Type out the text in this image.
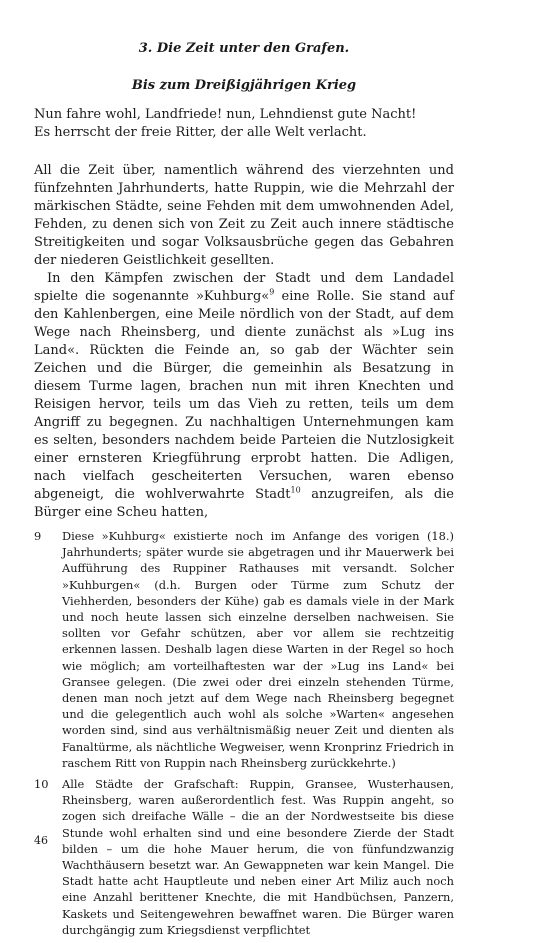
3. Die Zeit unter den Grafen.
Bis zum Dreißigjährigen Krieg
Nun fahre wohl, Landfriede! nun, Lehndienst gute Nacht!
Es herrscht der freie Ritter, der alle Welt verlacht.

All die Zeit über, namentlich während des vierzehnten und fünfzehnten Jahrhunderts, hatte Ruppin, wie die Mehrzahl der märkischen Städte, seine Fehden mit dem umwohnenden Adel, Fehden, zu denen sich von Zeit zu Zeit auch innere städtische Streitigkeiten und sogar Volksausbrüche gegen das Gebahren der niederen Geistlichkeit gesellten.

In den Kämpfen zwischen der Stadt und dem Landadel spielte die sogenannte »Kuhburg«$^9$ eine Rolle. Sie stand auf den Kahlenbergen, eine Meile nördlich von der Stadt, auf dem Wege nach Rheinsberg, und diente zunächst als »Lug ins Land«. Rückten die Feinde an, so gab der Wächter sein Zeichen und die Bürger, die gemeinhin als Besatzung in diesem Turme lagen, brachen nun mit ihren Knechten und Reisigen hervor, teils um das Vieh zu retten, teils um dem Angriff zu begegnen. Zu nachhaltigen Unternehmungen kam es selten, besonders nachdem beide Parteien die Nutzlosigkeit einer ernsteren Kriegführung erprobt hatten. Die Adligen, nach vielfach gescheiterten Versuchen, waren ebenso abgeneigt, die wohlverwahrte Stadt$^{10}$ anzugreifen, als die Bürger eine Scheu hatten,

9	Diese »Kuhburg« existierte noch im Anfange des vorigen (18.) Jahrhunderts; später wurde sie abgetragen und ihr Mauerwerk bei Aufführung des Ruppiner Rathauses mit versandt. Solcher »Kuhburgen« (d.h. Burgen oder Türme zum Schutz der Viehherden, besonders der Kühe) gab es damals viele in der Mark und noch heute lassen sich einzelne derselben nachweisen. Sie sollten vor Gefahr schützen, aber vor allem sie rechtzeitig erkennen lassen. Deshalb lagen diese Warten in der Regel so hoch wie möglich; am vorteilhaftesten war der »Lug ins Land« bei Gransee gelegen. (Die zwei oder drei einzeln stehenden Türme, denen man noch jetzt auf dem Wege nach Rheinsberg begegnet und die gelegentlich auch wohl als solche »Warten« angesehen worden sind, sind aus verhältnismäßig neuer Zeit und dienten als Fanaltürme, als nächtliche Wegweiser, wenn Kronprinz Friedrich in raschem Ritt von Ruppin nach Rheinsberg zurückkehrte.)
10	Alle Städte der Grafschaft: Ruppin, Gransee, Wusterhausen, Rheinsberg, waren außerordentlich fest. Was Ruppin angeht, so zogen sich dreifache Wälle – die an der Nordwestseite bis diese Stunde wohl erhalten sind und eine besondere Zierde der Stadt bilden – um die hohe Mauer herum, die von fünfundzwanzig Wachthäusern besetzt war. An Gewappneten war kein Mangel. Die Stadt hatte acht Hauptleute und neben einer Art Miliz auch noch eine Anzahl berittener Knechte, die mit Handbüchsen, Panzern, Kaskets und Seitengewehren bewaffnet waren. Die Bürger waren durchgängig zum Kriegsdienst verpflichtet
46
